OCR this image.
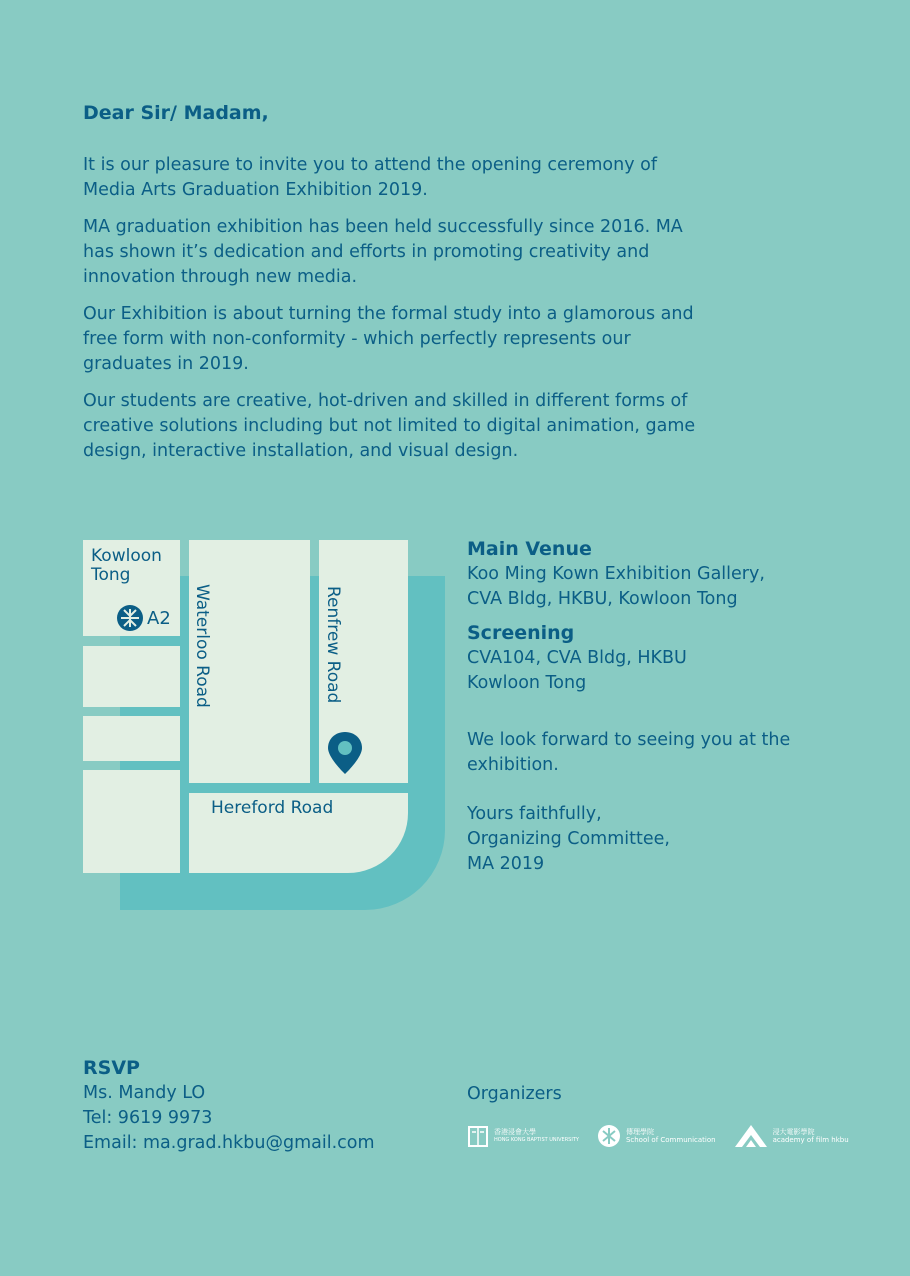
Dear Sir/ Madam,

It is our pleasure to invite you to attend the opening ceremony of Media Arts Graduation Exhibition 2019.

MA graduation exhibition has been held successfully since 2016. MA has shown it’s dedication and efforts in promoting creativity and innovation through new media.

Our Exhibition is about turning the formal study into a glamorous and free form with non-conformity - which perfectly represents our graduates in 2019.

Our students are creative, hot-driven and skilled in different forms of creative solutions including but not limited to digital animation, game design, interactive installation, and visual design.

Kowloon
Tong
A2 Waterloo Road	Renfrew Road
Hereford Road
Main Venue
Koo Ming Kown Exhibition Gallery,
CVA Bldg, HKBU, Kowloon Tong
Screening
CVA104, CVA Bldg, HKBU
Kowloon Tong
We look forward to seeing you at the
exhibition.
Yours faithfully,
Organizing Committee,
MA 2019
RSVP
Ms. Mandy LO
Tel: 9619 9973
Email: ma.grad.hkbu@gmail.com
Organizers
香港浸會大學
HONG KONG BAPTIST UNIVERSITY
傳理學院
School of Communication
浸大電影學院
academy of film hkbu
